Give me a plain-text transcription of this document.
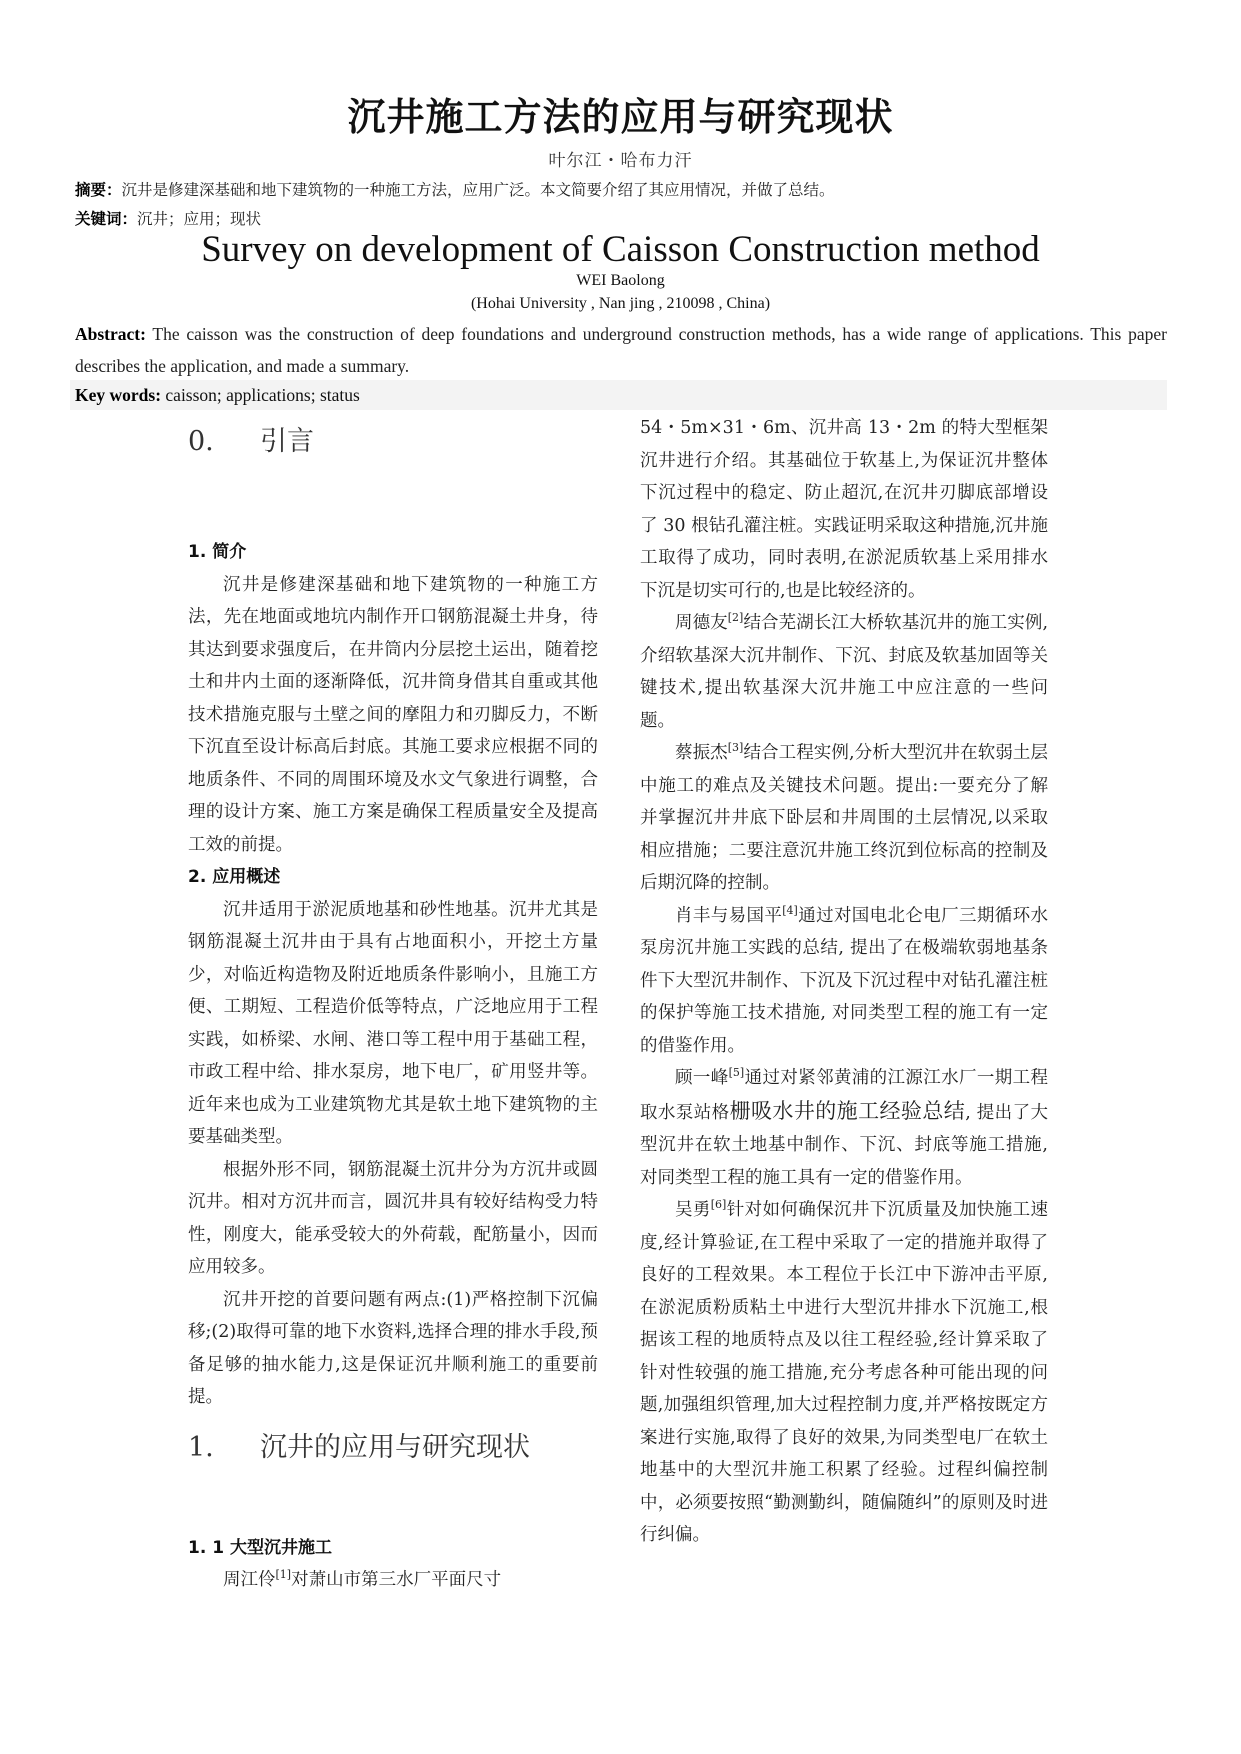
沉井施工方法的应用与研究现状
叶尔江・哈布力汗
摘要：沉井是修建深基础和地下建筑物的一种施工方法，应用广泛。本文简要介绍了其应用情况，并做了总结。
关键词：沉井；应用；现状
Survey on development of Caisson Construction method
WEI Baolong
(Hohai University , Nan jing , 210098 , China)
Abstract: The caisson was the construction of deep foundations and underground construction methods, has a wide range of applications. This paper describes the application, and made a summary.
Key words: caisson; applications; status
0. 引言
1. 简介

沉井是修建深基础和地下建筑物的一种施工方法，先在地面或地坑内制作开口钢筋混凝土井身，待其达到要求强度后，在井筒内分层挖土运出，随着挖土和井内土面的逐渐降低，沉井筒身借其自重或其他技术措施克服与土壁之间的摩阻力和刃脚反力，不断下沉直至设计标高后封底。其施工要求应根据不同的地质条件、不同的周围环境及水文气象进行调整，合理的设计方案、施工方案是确保工程质量安全及提高工效的前提。

2. 应用概述

沉井适用于淤泥质地基和砂性地基。沉井尤其是钢筋混凝土沉井由于具有占地面积小，开挖土方量少，对临近构造物及附近地质条件影响小，且施工方便、工期短、工程造价低等特点，广泛地应用于工程实践，如桥梁、水闸、港口等工程中用于基础工程，市政工程中给、排水泵房，地下电厂，矿用竖井等。近年来也成为工业建筑物尤其是软土地下建筑物的主要基础类型。

根据外形不同，钢筋混凝土沉井分为方沉井或圆沉井。相对方沉井而言，圆沉井具有较好结构受力特性，刚度大，能承受较大的外荷载，配筋量小，因而应用较多。

沉井开挖的首要问题有两点:(1)严格控制下沉偏移;(2)取得可靠的地下水资料,选择合理的排水手段,预备足够的抽水能力,这是保证沉井顺利施工的重要前提。

1. 沉井的应用与研究现状
1. 1 大型沉井施工

周江伶[1]对萧山市第三水厂平面尺寸

54・5m×31・6m、沉井高 13・2m 的特大型框架沉井进行介绍。其基础位于软基上,为保证沉井整体下沉过程中的稳定、防止超沉,在沉井刃脚底部增设了 30 根钻孔灌注桩。实践证明采取这种措施,沉井施工取得了成功，同时表明,在淤泥质软基上采用排水下沉是切实可行的,也是比较经济的。

周德友[2]结合芜湖长江大桥软基沉井的施工实例,介绍软基深大沉井制作、下沉、封底及软基加固等关键技术,提出软基深大沉井施工中应注意的一些问题。

蔡振杰[3]结合工程实例,分析大型沉井在软弱土层中施工的难点及关键技术问题。提出:一要充分了解并掌握沉井井底下卧层和井周围的土层情况,以采取相应措施；二要注意沉井施工终沉到位标高的控制及后期沉降的控制。

肖丰与易国平[4]通过对国电北仑电厂三期循环水泵房沉井施工实践的总结, 提出了在极端软弱地基条件下大型沉井制作、下沉及下沉过程中对钻孔灌注桩的保护等施工技术措施, 对同类型工程的施工有一定的借鉴作用。

顾一峰[5]通过对紧邻黄浦的江源江水厂一期工程取水泵站格栅吸水井的施工经验总结, 提出了大型沉井在软土地基中制作、下沉、封底等施工措施,对同类型工程的施工具有一定的借鉴作用。

吴勇[6]针对如何确保沉井下沉质量及加快施工速度,经计算验证,在工程中采取了一定的措施并取得了良好的工程效果。本工程位于长江中下游冲击平原,在淤泥质粉质粘土中进行大型沉井排水下沉施工,根据该工程的地质特点及以往工程经验,经计算采取了针对性较强的施工措施,充分考虑各种可能出现的问题,加强组织管理,加大过程控制力度,并严格按既定方案进行实施,取得了良好的效果,为同类型电厂在软土地基中的大型沉井施工积累了经验。过程纠偏控制中，必须要按照“勤测勤纠，随偏随纠”的原则及时进行纠偏。
